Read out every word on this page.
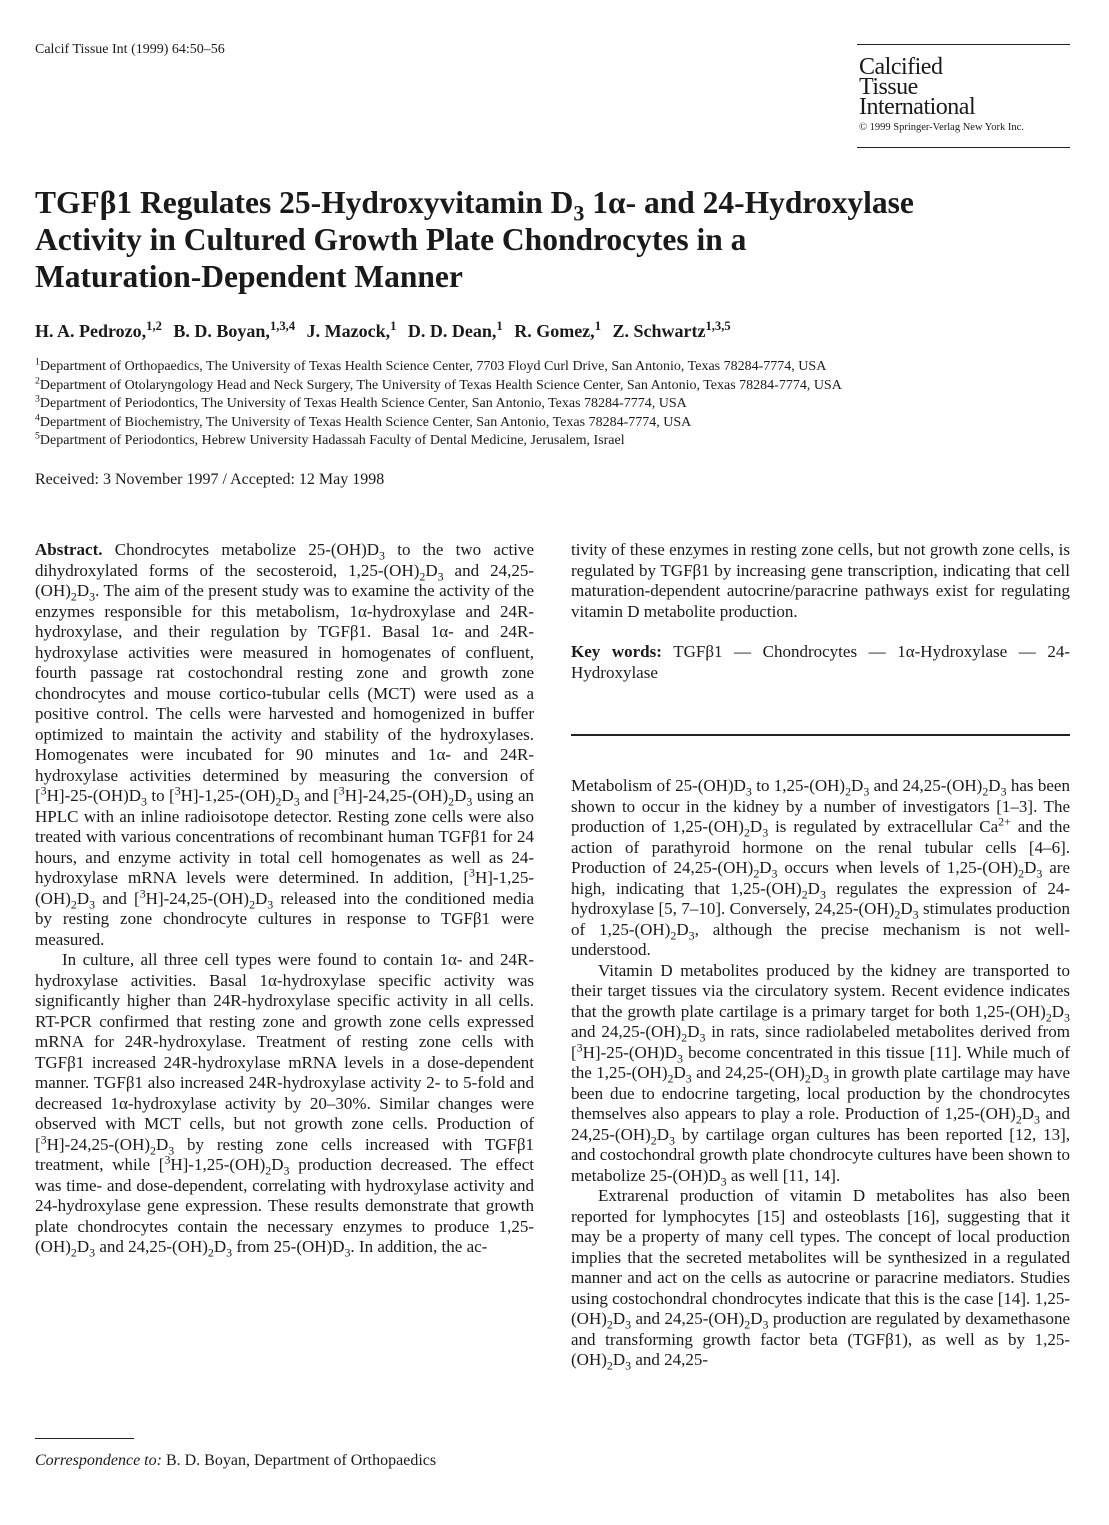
Calcif Tissue Int (1999) 64:50–56
Calcified
Tissue
International
© 1999 Springer-Verlag New York Inc.
TGFβ1 Regulates 25-Hydroxyvitamin $D_3$ 1α- and 24-Hydroxylase
Activity in Cultured Growth Plate Chondrocytes in a
Maturation-Dependent Manner
H. A. Pedrozo,$^{1,2}$ B. D. Boyan,$^{1,3,4}$ J. Mazock,$^1$ D. D. Dean,$^1$ R. Gomez,$^1$ Z. Schwartz$^{1,3,5}$
$^1$Department of Orthopaedics, The University of Texas Health Science Center, 7703 Floyd Curl Drive, San Antonio, Texas 78284-7774, USA
$^2$Department of Otolaryngology Head and Neck Surgery, The University of Texas Health Science Center, San Antonio, Texas 78284-7774, USA
$^3$Department of Periodontics, The University of Texas Health Science Center, San Antonio, Texas 78284-7774, USA
$^4$Department of Biochemistry, The University of Texas Health Science Center, San Antonio, Texas 78284-7774, USA
$^5$Department of Periodontics, Hebrew University Hadassah Faculty of Dental Medicine, Jerusalem, Israel
Received: 3 November 1997 / Accepted: 12 May 1998

Abstract. Chondrocytes metabolize $25-(OH)D_3$ to the two active dihydroxylated forms of the secosteroid, $1,25-(OH)_2D_3$ and $24,25-(OH)_2D_3$. The aim of the present study was to examine the activity of the enzymes responsible for this metabolism, 1α-hydroxylase and 24R-hydroxylase, and their regulation by TGFβ1. Basal 1α- and 24R-hydroxylase activities were measured in homogenates of confluent, fourth passage rat costochondral resting zone and growth zone chondrocytes and mouse cortico-tubular cells (MCT) were used as a positive control. The cells were harvested and homogenized in buffer optimized to maintain the activity and stability of the hydroxylases. Homogenates were incubated for 90 minutes and 1α- and 24R-hydroxylase activities determined by measuring the conversion of $[^3H]-25-(OH)D_3$ to $[^3H]-1,25-(OH)_2D_3$ and $[^3H]-24,25-(OH)_2D_3$ using an HPLC with an inline radioisotope detector. Resting zone cells were also treated with various concentrations of recombinant human TGFβ1 for 24 hours, and enzyme activity in total cell homogenates as well as 24-hydroxylase mRNA levels were determined. In addition, $[^3H]-1,25-(OH)_2D_3$ and $[^3H]-24,25-(OH)_2D_3$ released into the conditioned media by resting zone chondrocyte cultures in response to TGFβ1 were measured.

In culture, all three cell types were found to contain 1α- and 24R-hydroxylase activities. Basal 1α-hydroxylase specific activity was significantly higher than 24R-hydroxylase specific activity in all cells. RT-PCR confirmed that resting zone and growth zone cells expressed mRNA for 24R-hydroxylase. Treatment of resting zone cells with TGFβ1 increased 24R-hydroxylase mRNA levels in a dose-dependent manner. TGFβ1 also increased 24R-hydroxylase activity 2- to 5-fold and decreased 1α-hydroxylase activity by 20–30%. Similar changes were observed with MCT cells, but not growth zone cells. Production of $[^3H]-24,25-(OH)_2D_3$ by resting zone cells increased with TGFβ1 treatment, while $[^3H]-1,25-(OH)_2D_3$ production decreased. The effect was time- and dose-dependent, correlating with hydroxylase activity and 24-hydroxylase gene expression. These results demonstrate that growth plate chondrocytes contain the necessary enzymes to produce $1,25-(OH)_2D_3$ and $24,25-(OH)_2D_3$ from $25-(OH)D_3$. In addition, the ac-

tivity of these enzymes in resting zone cells, but not growth zone cells, is regulated by TGFβ1 by increasing gene transcription, indicating that cell maturation-dependent autocrine/paracrine pathways exist for regulating vitamin D metabolite production.

Key words: TGFβ1 — Chondrocytes — 1α-Hydroxylase — 24-Hydroxylase

Metabolism of $25-(OH)D_3$ to $1,25-(OH)_2D_3$ and $24,25-(OH)_2D_3$ has been shown to occur in the kidney by a number of investigators [1–3]. The production of $1,25-(OH)_2D_3$ is regulated by extracellular $Ca^{2+}$ and the action of parathyroid hormone on the renal tubular cells [4–6]. Production of $24,25-(OH)_2D_3$ occurs when levels of $1,25-(OH)_2D_3$ are high, indicating that $1,25-(OH)_2D_3$ regulates the expression of 24-hydroxylase [5, 7–10]. Conversely, $24,25-(OH)_2D_3$ stimulates production of $1,25-(OH)_2D_3$, although the precise mechanism is not well-understood.

Vitamin D metabolites produced by the kidney are transported to their target tissues via the circulatory system. Recent evidence indicates that the growth plate cartilage is a primary target for both $1,25-(OH)_2D_3$ and $24,25-(OH)_2D_3$ in rats, since radiolabeled metabolites derived from $[^3H]-25-(OH)D_3$ become concentrated in this tissue [11]. While much of the $1,25-(OH)_2D_3$ and $24,25-(OH)_2D_3$ in growth plate cartilage may have been due to endocrine targeting, local production by the chondrocytes themselves also appears to play a role. Production of $1,25-(OH)_2D_3$ and $24,25-(OH)_2D_3$ by cartilage organ cultures has been reported [12, 13], and costochondral growth plate chondrocyte cultures have been shown to metabolize $25-(OH)D_3$ as well [11, 14].

Extrarenal production of vitamin D metabolites has also been reported for lymphocytes [15] and osteoblasts [16], suggesting that it may be a property of many cell types. The concept of local production implies that the secreted metabolites will be synthesized in a regulated manner and act on the cells as autocrine or paracrine mediators. Studies using costochondral chondrocytes indicate that this is the case [14]. $1,25-(OH)_2D_3$ and $24,25-(OH)_2D_3$ production are regulated by dexamethasone and transforming growth factor beta (TGFβ1), as well as by $1,25-(OH)_2D_3$ and 24,25-

Correspondence to: B. D. Boyan, Department of Orthopaedics
